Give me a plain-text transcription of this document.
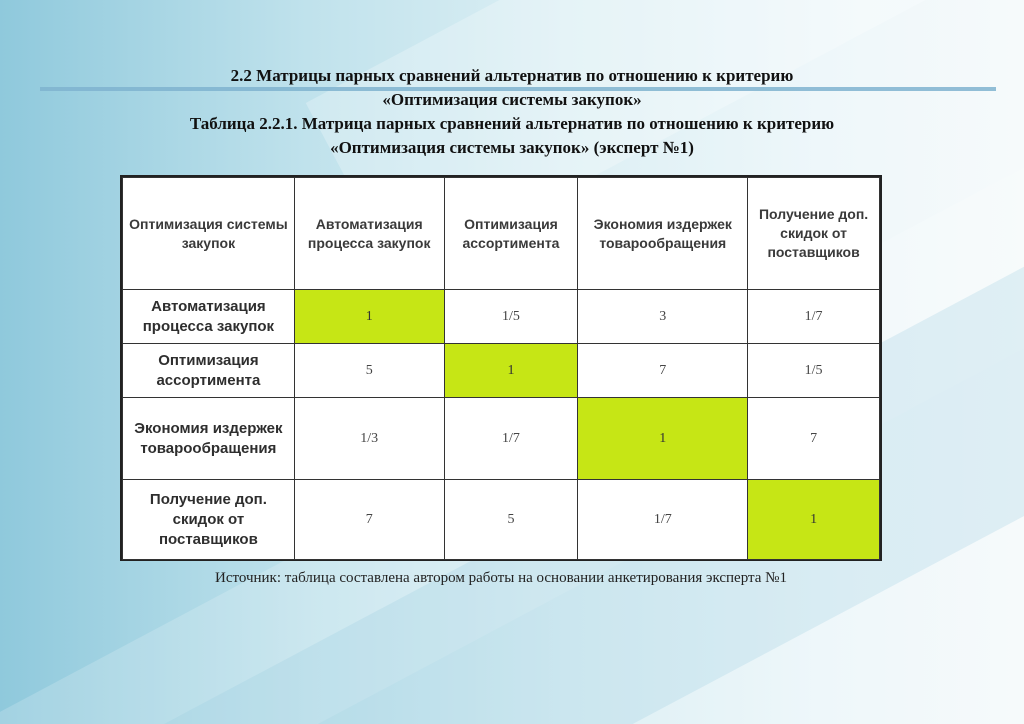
2.2 Матрицы парных сравнений альтернатив по отношению к критерию
«Оптимизация системы закупок»
Таблица 2.2.1. Матрица парных сравнений альтернатив по отношению к критерию
«Оптимизация системы закупок» (эксперт №1)
Оптимизация системы закупок	Автоматизация процесса закупок	Оптимизация ассортимента	Экономия издержек товарообращения	Получение доп. скидок от поставщиков
Автоматизация процесса закупок	1	1/5	3	1/7
Оптимизация ассортимента	5	1	7	1/5
Экономия издержек товарообращения	1/3	1/7	1	7
Получение доп. скидок от поставщиков	7	5	1/7	1
Источник: таблица составлена автором работы на основании анкетирования эксперта №1
